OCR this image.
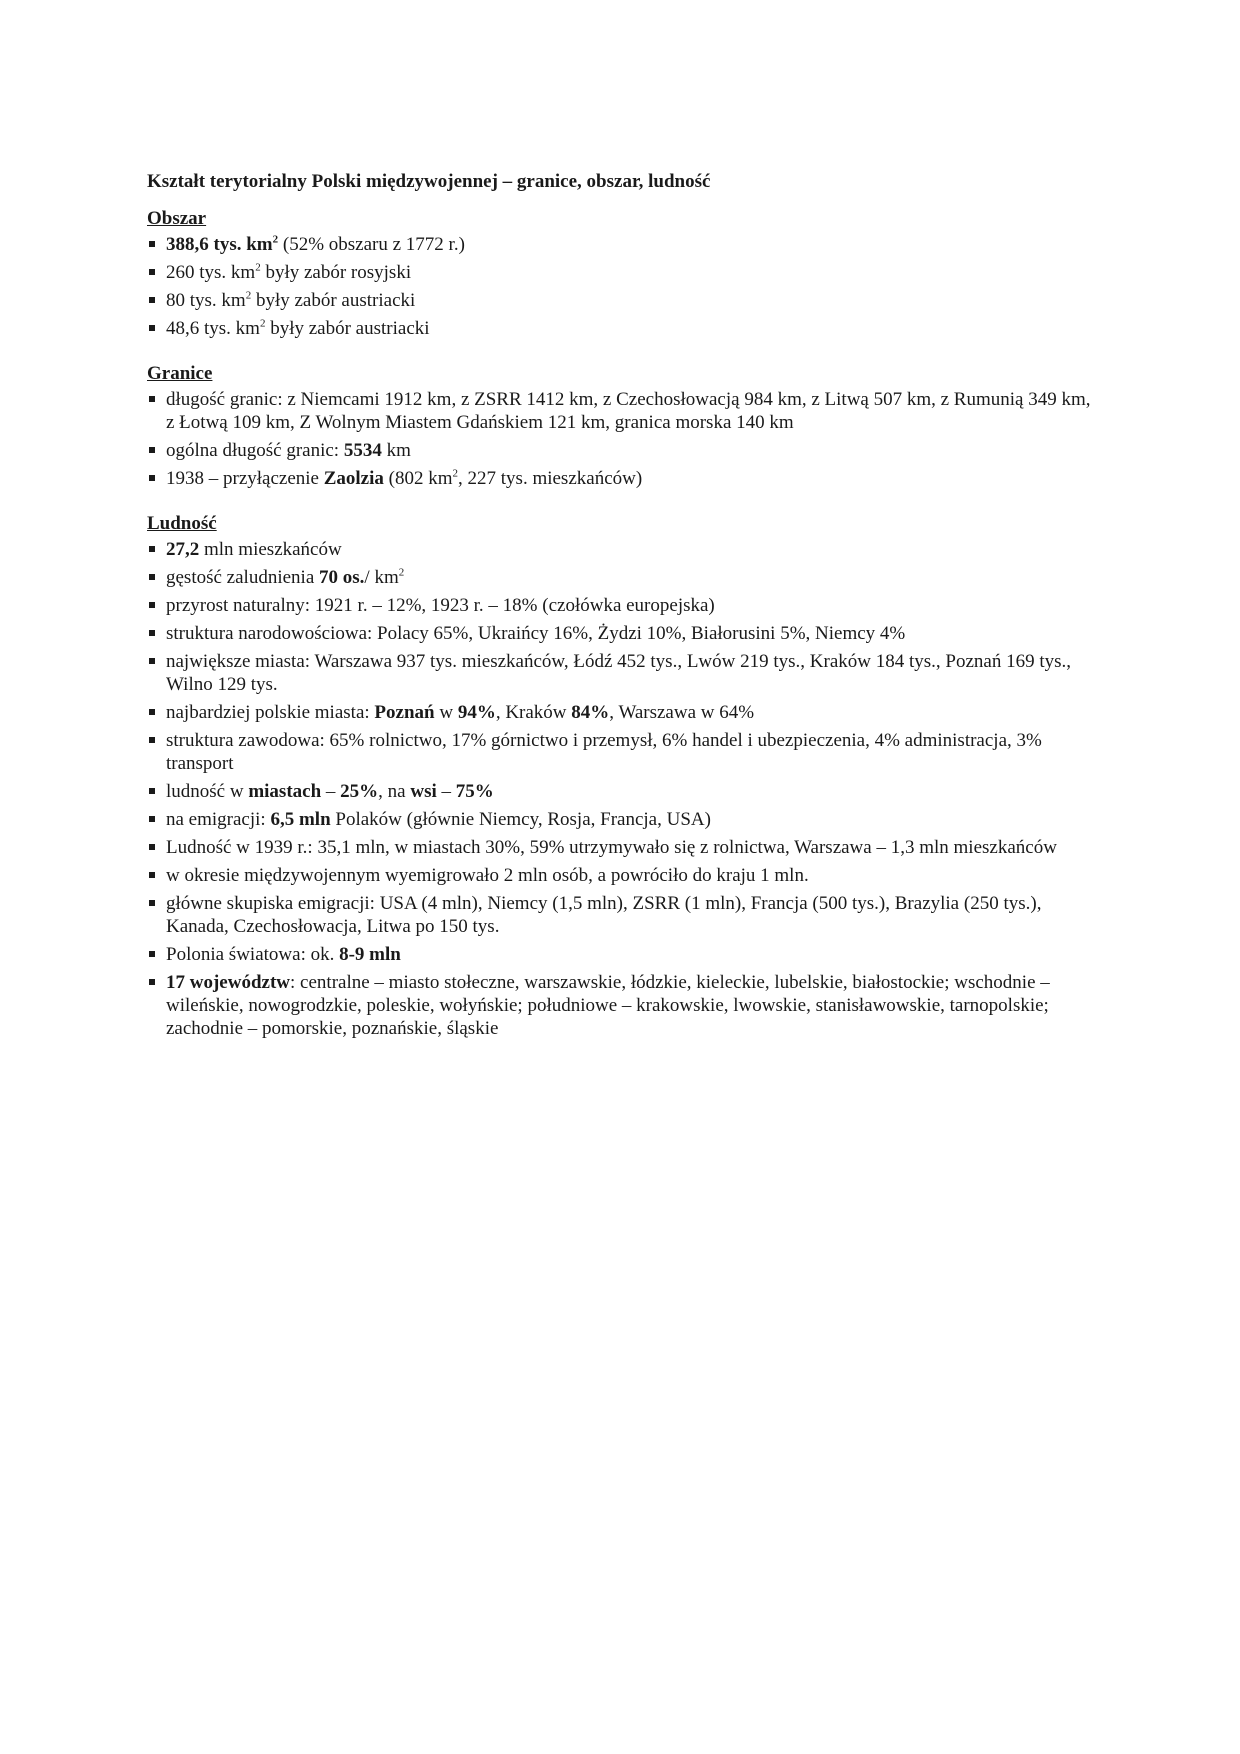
Kształt terytorialny Polski międzywojennej – granice, obszar, ludność
Obszar
388,6 tys. $km^2$ (52% obszaru z 1772 r.)
260 tys. $km^2$ były zabór rosyjski
80 tys. $km^2$ były zabór austriacki
48,6 tys. $km^2$ były zabór austriacki
Granice
długość granic: z Niemcami 1912 km, z ZSRR 1412 km, z Czechosłowacją 984 km, z Litwą 507 km, z Rumunią 349 km, z Łotwą 109 km, Z Wolnym Miastem Gdańskiem 121 km, granica morska 140 km
ogólna długość granic: 5534 km
1938 – przyłączenie Zaolzia (802 $km^2$, 227 tys. mieszkańców)
Ludność
27,2 mln mieszkańców
gęstość zaludnienia 70 os./ $km^2$
przyrost naturalny: 1921 r. – 12%, 1923 r. – 18% (czołówka europejska)
struktura narodowościowa: Polacy 65%, Ukraińcy 16%, Żydzi 10%, Białorusini 5%, Niemcy 4%
największe miasta: Warszawa 937 tys. mieszkańców, Łódź 452 tys., Lwów 219 tys., Kraków 184 tys., Poznań 169 tys., Wilno 129 tys.
najbardziej polskie miasta: Poznań w 94%, Kraków 84%, Warszawa w 64%
struktura zawodowa: 65% rolnictwo, 17% górnictwo i przemysł, 6% handel i ubezpieczenia, 4% administracja, 3% transport
ludność w miastach – 25%, na wsi – 75%
na emigracji: 6,5 mln Polaków (głównie Niemcy, Rosja, Francja, USA)
Ludność w 1939 r.: 35,1 mln, w miastach 30%, 59% utrzymywało się z rolnictwa, Warszawa – 1,3 mln mieszkańców
w okresie międzywojennym wyemigrowało 2 mln osób, a powróciło do kraju 1 mln.
główne skupiska emigracji: USA (4 mln), Niemcy (1,5 mln), ZSRR (1 mln), Francja (500 tys.), Brazylia (250 tys.), Kanada, Czechosłowacja, Litwa po 150 tys.
Polonia światowa: ok. 8-9 mln
17 województw: centralne – miasto stołeczne, warszawskie, łódzkie, kieleckie, lubelskie, białostockie; wschodnie – wileńskie, nowogrodzkie, poleskie, wołyńskie; południowe – krakowskie, lwowskie, stanisławowskie, tarnopolskie; zachodnie – pomorskie, poznańskie, śląskie
